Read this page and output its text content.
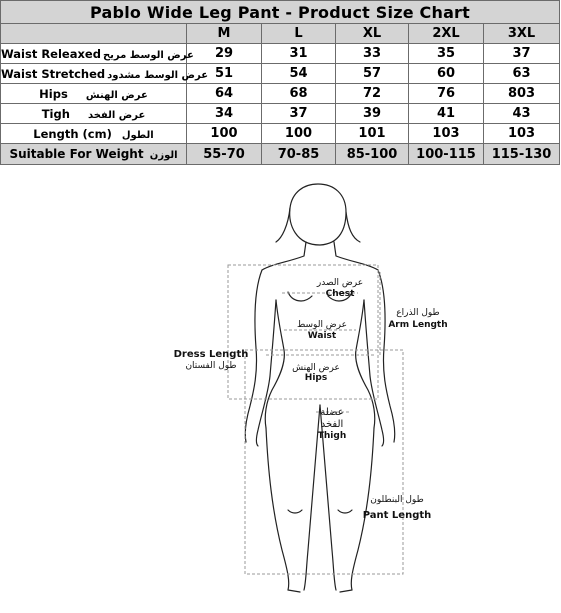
Pablo Wide Leg Pant - Product Size Chart					
	M	L	XL	2XL	3XL
Waist Releaxed عرض الوسط مريح	29	31	33	35	37
Waist Stretched عرض الوسط مشدود	51	54	57	60	63
Hips عرض الهنش	64	68	72	76	803
Tigh عرض الفخد	34	37	39	41	43
Length (cm) الطول	100	100	101	103	103
Suitable For Weight الوزن	55-70	70-85	85-100	100-115	115-130
عرض الصدر
Chest
عرض الوسط
Waist
عرض الهنش
Hips
عضلة
الفخد
Thigh
طول الذراع
Arm Length
Dress Length
طول الفستان
طول البنطلون
Pant Length
